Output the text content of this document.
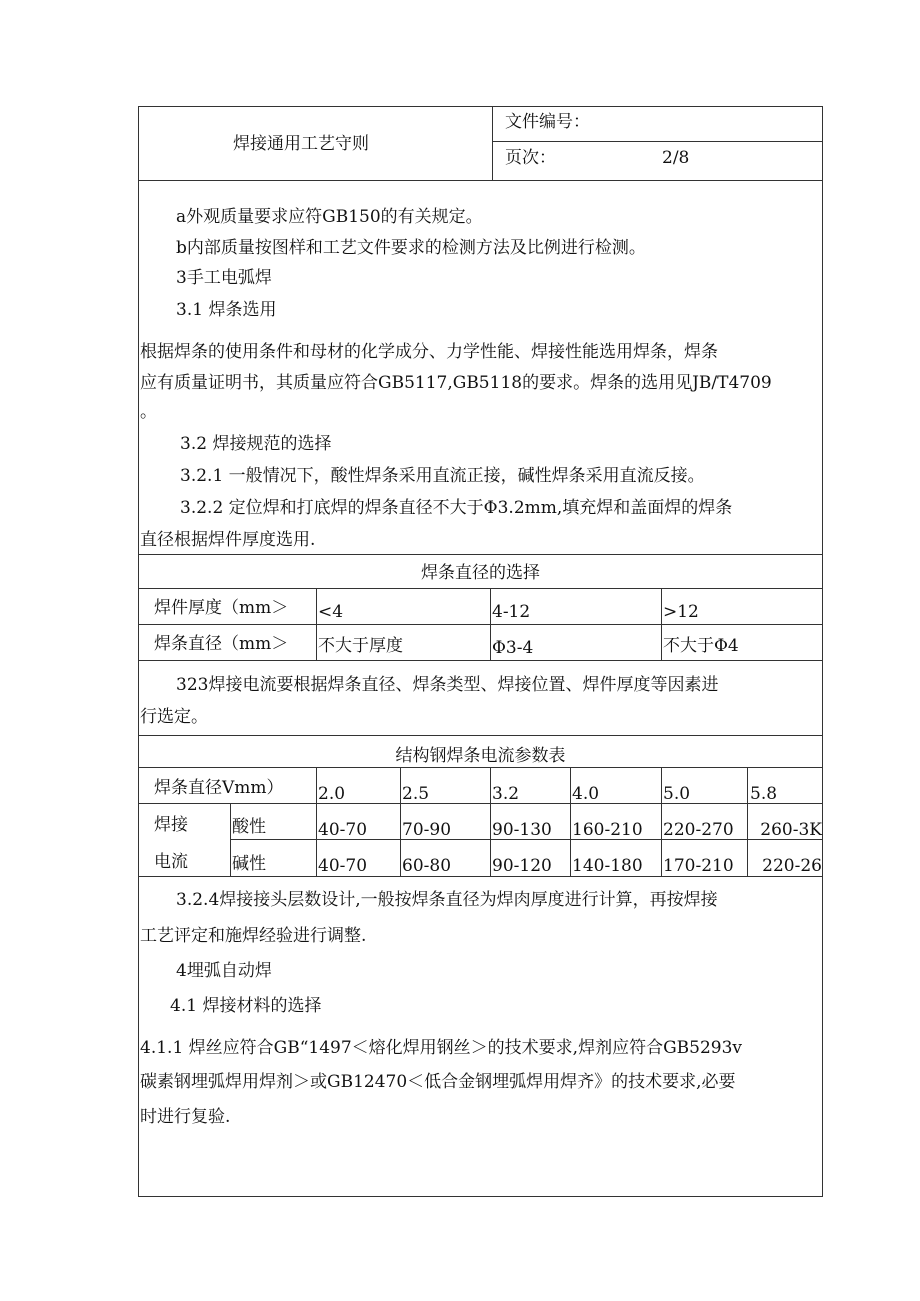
焊接通用工艺守则
文件编号：
页次：	2/8
a外观质量要求应符GB150的有关规定。
b内部质量按图样和工艺文件要求的检测方法及比例进行检测。
3手工电弧焊
3.1 焊条选用
根据焊条的使用条件和母材的化学成分、力学性能、焊接性能选用焊条，焊条
应有质量证明书，其质量应符合GB5117,GB5118的要求。焊条的选用见JB/T4709
。
3.2 焊接规范的选择
3.2.1 一般情况下，酸性焊条采用直流正接，碱性焊条采用直流反接。
3.2.2 定位焊和打底焊的焊条直径不大于Φ3.2mm,填充焊和盖面焊的焊条
直径根据焊件厚度选用.
焊条直径的选择
焊件厚度（mm＞ <4	4-12	>12
焊条直径（mm＞ 不大于厚度	Φ3-4	不大于Φ4
323焊接电流要根据焊条直径、焊条类型、焊接位置、焊件厚度等因素进
行选定。
结构钢焊条电流参数表
焊条直径Vmm） 2.0	2.5	3.2	4.0	5.0	5.8
焊接
电流
酸性	40-70 70-90 90-130 160-210 220-270	260-3K
碱性	40-70 60-80 90-120 140-180 170-210	220-26
3.2.4焊接接头层数设计,一般按焊条直径为焊肉厚度进行计算，再按焊接
工艺评定和施焊经验进行调整.
4埋弧自动焊
4.1 焊接材料的选择
4.1.1 焊丝应符合GB“1497＜熔化焊用钢丝＞的技术要求,焊剂应符合GB5293v
碳素钢埋弧焊用焊剂＞或GB12470＜低合金钢埋弧焊用焊齐》的技术要求,必要
时进行复验.
